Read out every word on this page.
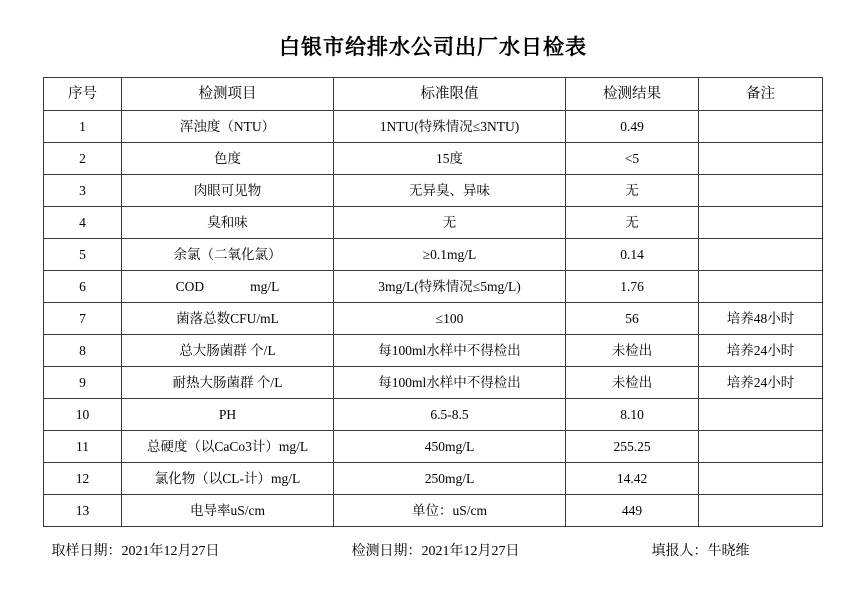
白银市给排水公司出厂水日检表
序号	检测项目	标准限值	检测结果	备注
1	浑浊度（NTU）	1NTU(特殊情况≤3NTU)	0.49	
2	色度	15度	<5	
3	肉眼可见物	无异臭、异味	无	
4	臭和味	无	无	
5	余氯（二氧化氯）	≥0.1mg/L	0.14	
6	COD mg/L	3mg/L(特殊情况≤5mg/L)	1.76	
7	菌落总数CFU/mL	≤100	56	培养48小时
8	总大肠菌群 个/L	每100ml水样中不得检出	未检出	培养24小时
9	耐热大肠菌群 个/L	每100ml水样中不得检出	未检出	培养24小时
10	PH	6.5-8.5	8.10	
11	总硬度（以CaCo3计）mg/L	450mg/L	255.25	
12	氯化物（以CL-计）mg/L	250mg/L	14.42	
13	电导率uS/cm	单位：uS/cm	449	
取样日期：2021年12月27日	检测日期：2021年12月27日	填报人：牛晓维
